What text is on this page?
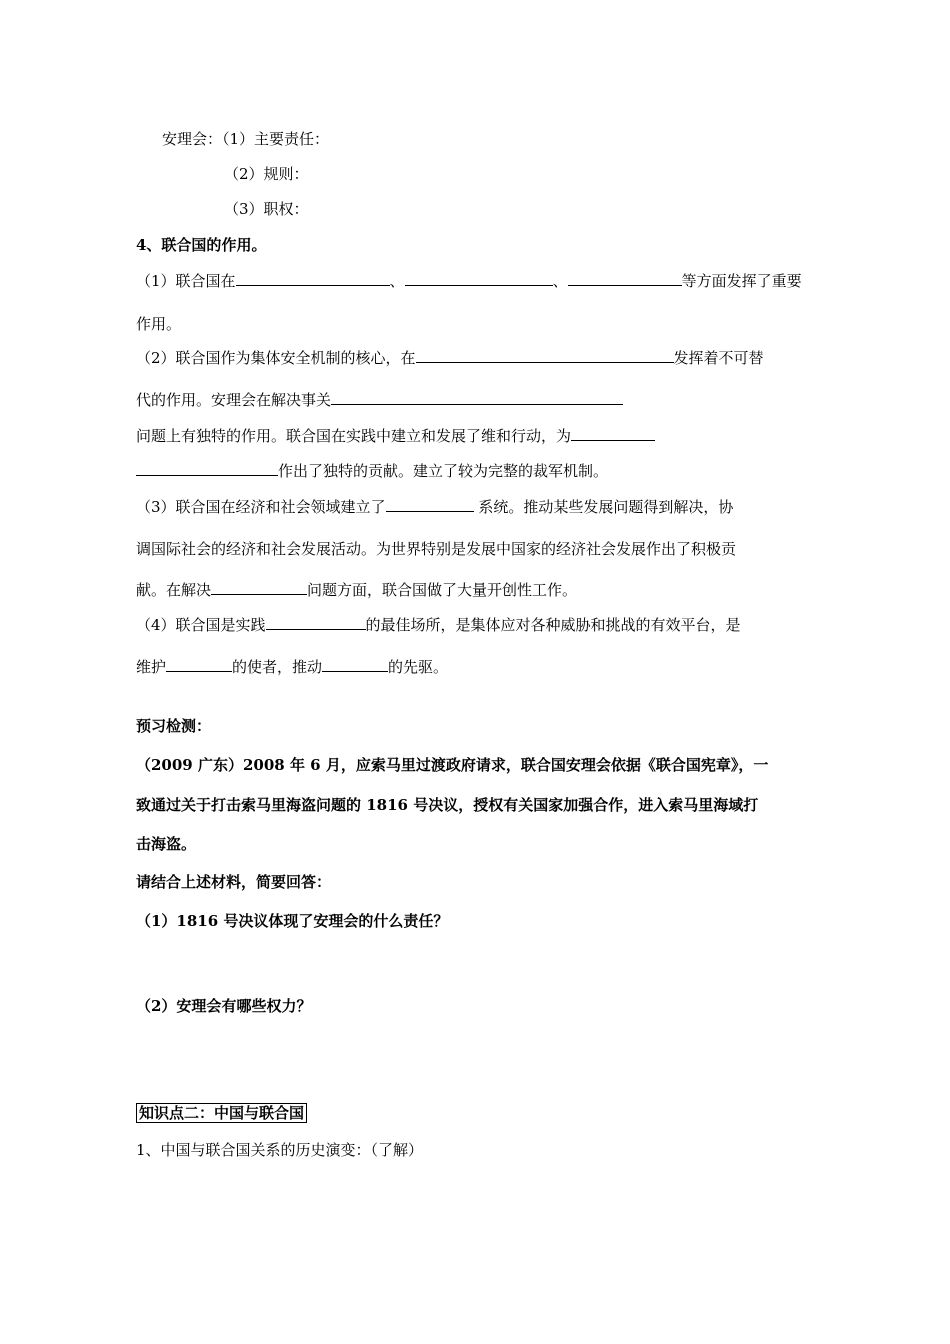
安理会：（1）主要责任：
（2）规则：
（3）职权：
4、联合国的作用。
（1）联合国在	、	、	等方面发挥了重要
作用。
（2）联合国作为集体安全机制的核心，在	发挥着不可替
代的作用。安理会在解决事关
问题上有独特的作用。联合国在实践中建立和发展了维和行动，为
作出了独特的贡献。建立了较为完整的裁军机制。
（3）联合国在经济和社会领域建立了	系统。推动某些发展问题得到解决，协
调国际社会的经济和社会发展活动。为世界特别是发展中国家的经济社会发展作出了积极贡
献。在解决	问题方面，联合国做了大量开创性工作。
（4）联合国是实践	的最佳场所，是集体应对各种威胁和挑战的有效平台，是
维护	的使者，推动	的先驱。
预习检测：
（2009 广东）2008 年 6 月，应索马里过渡政府请求，联合国安理会依据《联合国宪章》，一
致通过关于打击索马里海盗问题的 1816 号决议，授权有关国家加强合作，进入索马里海域打
击海盗。
请结合上述材料，简要回答：
（1）1816 号决议体现了安理会的什么责任？
（2）安理会有哪些权力？
知识点二：中国与联合国
1、中国与联合国关系的历史演变：（了解）
